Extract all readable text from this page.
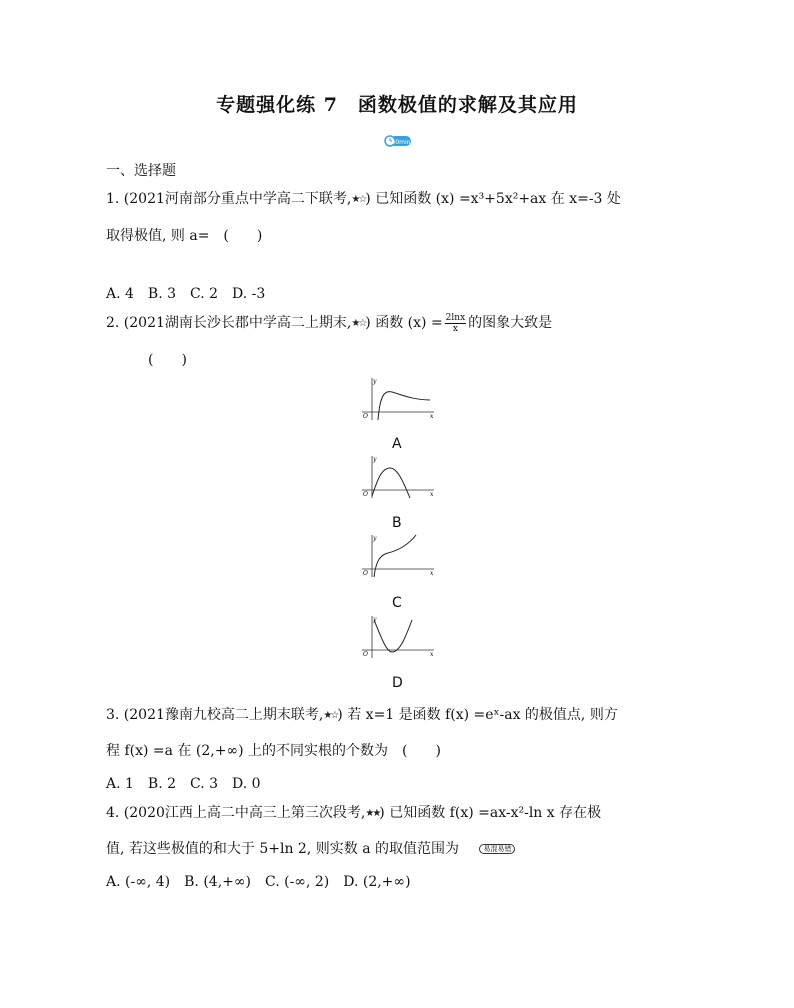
专题强化练 7　函数极值的求解及其应用
40min
一、选择题
1. (2021河南部分重点中学高二下联考,★☆) 已知函数 (x) =x³+5x²+ax 在 x=-3 处
取得极值, 则 a=　(　　)
A. 4　B. 3　C. 2　D. -3
2. (2021湖南长沙长郡中学高二上期末,★☆) 函数 $(x) = \frac{2\ln x}{x}$ 的图象大致是
(　　)
y
x
O
A
y
x
O
B
y
x
O
C
y
x
O
D
3. (2021豫南九校高二上期末联考,★☆) 若 x=1 是函数 f(x) =eˣ-ax 的极值点, 则方
程 f(x) =a 在 (2,+∞) 上的不同实根的个数为　(　　)
A. 1　B. 2　C. 3　D. 0
4. (2020江西上高二中高三上第三次段考,★★) 已知函数 f(x) =ax-x²-ln x 存在极
值, 若这些极值的和大于 5+ln 2, 则实数 a 的取值范围为	易混易错
A. (-∞, 4)　B. (4,+∞)　C. (-∞, 2)　D. (2,+∞)
